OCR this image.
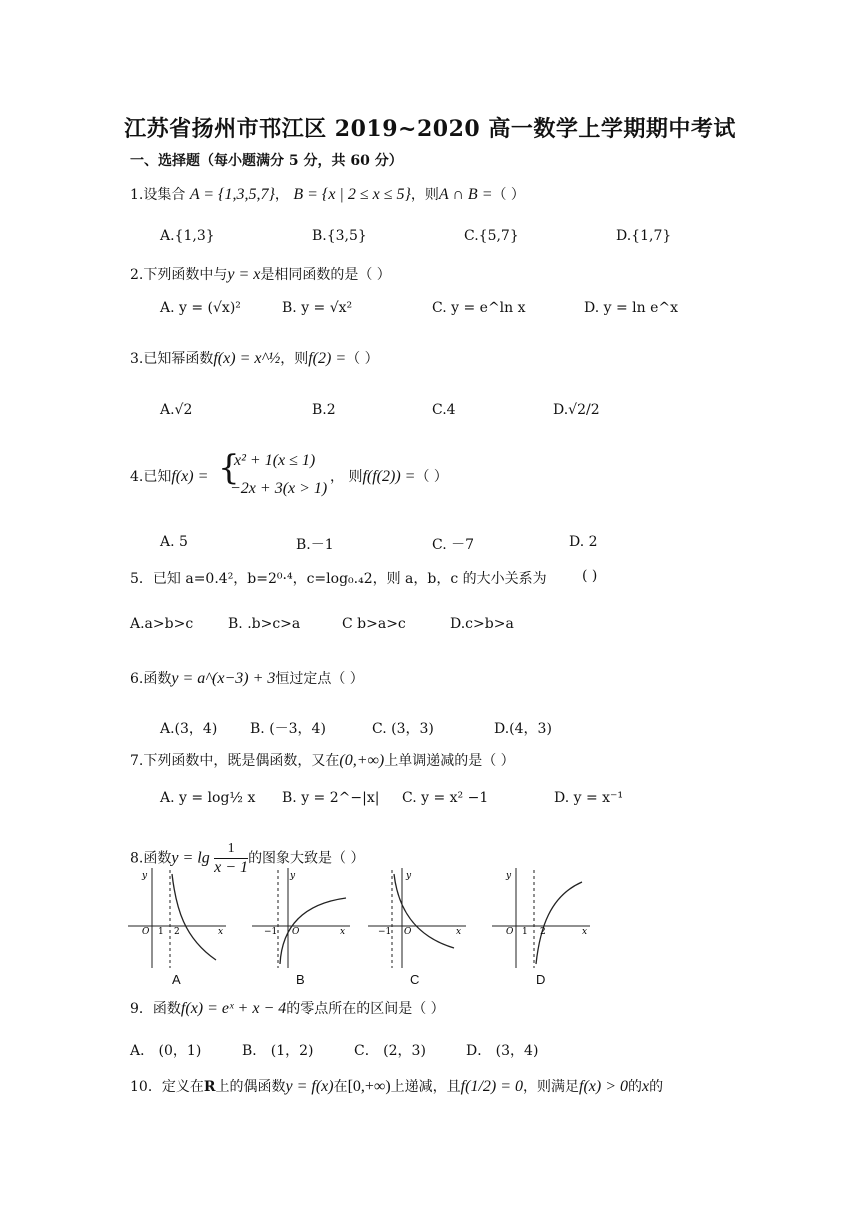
江苏省扬州市邗江区 2019~2020 高一数学上学期期中考试
一、选择题（每小题满分 5 分，共 60 分）
1.设集合 A = {1,3,5,7}， B = {x | 2 ≤ x ≤ 5}，则A ∩ B =（ ）
A.{1,3}	B.{3,5}	C.{5,7}	D.{1,7}
2.下列函数中与y = x是相同函数的是（ ）
A. y = (√x)²	B. y = √x²	C. y = e^ln x	D. y = ln e^x
3.已知幂函数f(x) = x^½，则f(2) =（ ）
A.√2	B.2	C.4	D.√2/2
4.已知f(x) = {
x² + 1(x ≤ 1)
−2x + 3(x > 1)
， 则f(f(2)) =（ ）
A. 5	B.－1	C. －7	D. 2
5．已知 a=0.4²，b=2⁰·⁴，c=log₀.₄2，则 a，b，c 的大小关系为	( )
A.a>b>c B. .b>c>a	C b>a>c	D.c>b>a
6.函数y = a^(x−3) + 3恒过定点（ ）
A.(3，4) B. (－3，4)	C. (3，3)	D.(4，3)
7.下列函数中，既是偶函数，又在(0,+∞)上单调递减的是（ ）
A. y = log½ x B. y = 2^−|x| C. y = x² −1	D. y = x⁻¹
8.函数$y = \lg \frac{1}{x - 1}$ 的图象大致是（ ）
y
O 1 2	x
A
y
−1 O	x
B
y
−1 O	x
C
y
O 1 2	x
D
9．函数f(x) = eˣ + x − 4的零点所在的区间是（ ）
A． (0，1)	B． (1，2)	C． (2，3)	D． (3，4)
10．定义在R上的偶函数y = f(x)在[0,+∞)上递减，且f(1/2) = 0，则满足f(x) > 0的x的
